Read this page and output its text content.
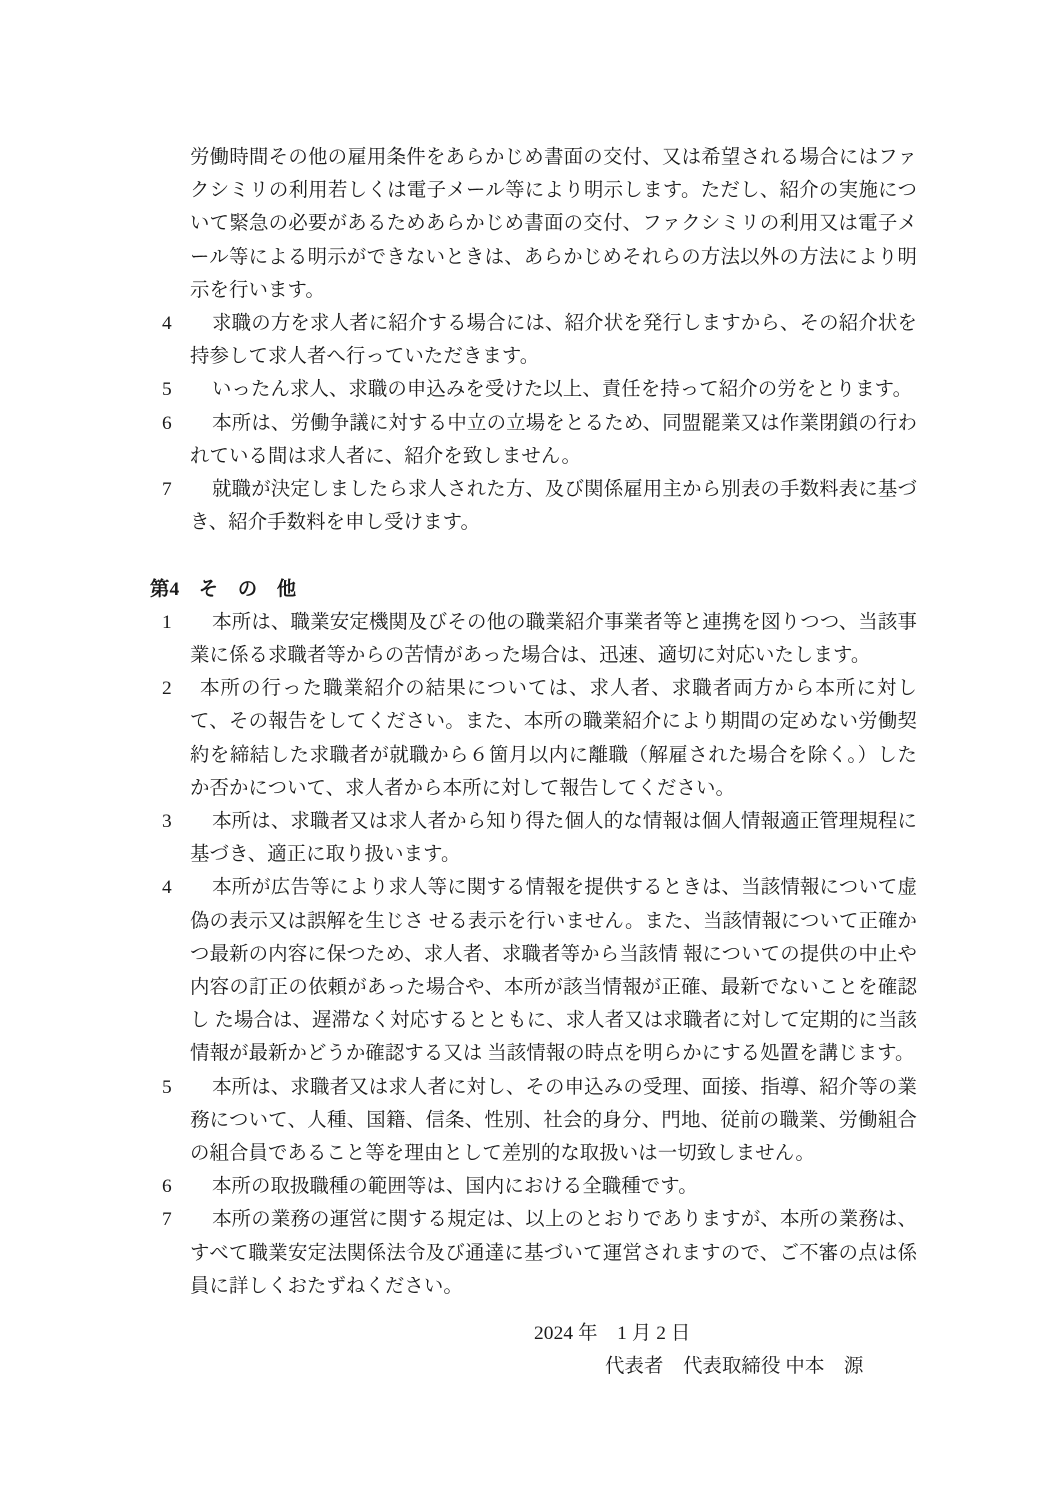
労働時間その他の雇用条件をあらかじめ書面の交付、又は希望される場合にはファクシミリの利用若しくは電子メール等により明示します。ただし、紹介の実施について緊急の必要があるためあらかじめ書面の交付、ファクシミリの利用又は電子メール等による明示ができないときは、あらかじめそれらの方法以外の方法により明示を行います。

4 求職の方を求人者に紹介する場合には、紹介状を発行しますから、その紹介状を持参して求人者へ行っていただきます。

5 いったん求人、求職の申込みを受けた以上、責任を持って紹介の労をとります。

6 本所は、労働争議に対する中立の立場をとるため、同盟罷業又は作業閉鎖の行われている間は求人者に、紹介を致しません。

7 就職が決定しましたら求人された方、及び関係雇用主から別表の手数料表に基づき、紹介手数料を申し受けます。

第4　そ　の　他

1 本所は、職業安定機関及びその他の職業紹介事業者等と連携を図りつつ、当該事業に係る求職者等からの苦情があった場合は、迅速、適切に対応いたします。

2 本所の行った職業紹介の結果については、求人者、求職者両方から本所に対して、その報告をしてください。また、本所の職業紹介により期間の定めない労働契約を締結した求職者が就職から６箇月以内に離職（解雇された場合を除く。）したか否かについて、求人者から本所に対して報告してください。

3 本所は、求職者又は求人者から知り得た個人的な情報は個人情報適正管理規程に基づき、適正に取り扱います。

4 本所が広告等により求人等に関する情報を提供するときは、当該情報について虚偽の表示又は誤解を生じさ せる表示を行いません。また、当該情報について正確かつ最新の内容に保つため、求人者、求職者等から当該情 報についての提供の中止や内容の訂正の依頼があった場合や、本所が該当情報が正確、最新でないことを確認し た場合は、遅滞なく対応するとともに、求人者又は求職者に対して定期的に当該情報が最新かどうか確認する又は 当該情報の時点を明らかにする処置を講じます。

5 本所は、求職者又は求人者に対し、その申込みの受理、面接、指導、紹介等の業務について、人種、国籍、信条、性別、社会的身分、門地、従前の職業、労働組合の組合員であること等を理由として差別的な取扱いは一切致しません。

6 本所の取扱職種の範囲等は、国内における全職種です。

7 本所の業務の運営に関する規定は、以上のとおりでありますが、本所の業務は、すべて職業安定法関係法令及び通達に基づいて運営されますので、ご不審の点は係員に詳しくおたずねください。

2024 年　1 月 2 日

代表者　代表取締役 中本　源
